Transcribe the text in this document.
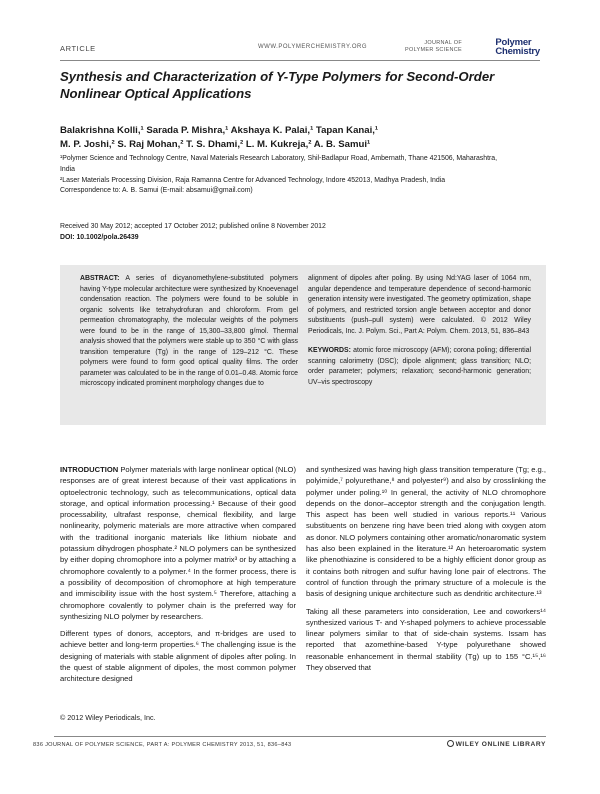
ARTICLE	WWW.POLYMERCHEMISTRY.ORG
JOURNAL OF
POLYMER SCIENCE
Polymer
Chemistry
Synthesis and Characterization of Y-Type Polymers for Second-Order Nonlinear Optical Applications
Balakrishna Kolli,¹ Sarada P. Mishra,¹ Akshaya K. Palai,¹ Tapan Kanai,¹
M. P. Joshi,² S. Raj Mohan,² T. S. Dhami,² L. M. Kukreja,² A. B. Samui¹

¹Polymer Science and Technology Centre, Naval Materials Research Laboratory, Shil-Badlapur Road, Ambernath, Thane 421506, Maharashtra, India

²Laser Materials Processing Division, Raja Ramanna Centre for Advanced Technology, Indore 452013, Madhya Pradesh, India

Correspondence to: A. B. Samui (E-mail: absamui@gmail.com)

Received 30 May 2012; accepted 17 October 2012; published online 8 November 2012
DOI: 10.1002/pola.26439
ABSTRACT: A series of dicyanomethylene-substituted polymers having Y-type molecular architecture were synthesized by Knoevenagel condensation reaction. The polymers were found to be soluble in organic solvents like tetrahydrofuran and chloroform. From gel permeation chromatography, the molecular weights of the polymers were found to be in the range of 15,300–33,800 g/mol. Thermal analysis showed that the polymers were stable up to 350 °C with glass transition temperature (Tg) in the range of 129–212 °C. These polymers were found to form good optical quality films. The order parameter was calculated to be in the range of 0.01–0.48. Atomic force microscopy indicated prominent morphology changes due to
alignment of dipoles after poling. By using Nd:YAG laser of 1064 nm, angular dependence and temperature dependence of second-harmonic generation intensity were investigated. The geometry optimization, shape of polymers, and restricted torsion angle between acceptor and donor substituents (push–pull system) were calculated. © 2012 Wiley Periodicals, Inc. J. Polym. Sci., Part A: Polym. Chem. 2013, 51, 836–843
KEYWORDS: atomic force microscopy (AFM); corona poling; differential scanning calorimetry (DSC); dipole alignment; glass transition; NLO; order parameter; polymers; relaxation; second-harmonic generation; UV–vis spectroscopy

INTRODUCTION Polymer materials with large nonlinear optical (NLO) responses are of great interest because of their vast applications in optoelectronic technology, such as telecommunications, optical data storage, and optical information processing.¹ Because of their good processability, ultrafast response, chemical flexibility, and large nonlinearity, polymeric materials are more attractive when compared with the traditional inorganic materials like lithium niobate and potassium dihydrogen phosphate.² NLO polymers can be synthesized by either doping chromophore into a polymer matrix³ or by attaching a chromophore covalently to a polymer.⁴ In the former process, there is a possibility of decomposition of chromophore at high temperature and immiscibility issue with the host system.⁵ Therefore, attaching a chromophore covalently to polymer chain is the preferred way for synthesizing NLO polymer by researchers.

Different types of donors, acceptors, and π-bridges are used to achieve better and long-term properties.⁶ The challenging issue is the designing of materials with stable alignment of dipoles after poling. In the quest of stable alignment of dipoles, the most common polymer architecture designed

and synthesized was having high glass transition temperature (Tg; e.g., polyimide,⁷ polyurethane,⁸ and polyester⁹) and also by crosslinking the polymer under poling.¹⁰ In general, the activity of NLO chromophore depends on the donor–acceptor strength and the conjugation length. This aspect has been well studied in various reports.¹¹ Various substituents on benzene ring have been tried along with oxygen atom as donor. NLO polymers containing other aromatic/nonaromatic system has also been explained in the literature.¹² An heteroaromatic system like phenothiazine is considered to be a highly efficient donor group as it contains both nitrogen and sulfur having lone pair of electrons. The control of function through the primary structure of a molecule is the basis of designing unique architecture such as dendritic architecture.¹³

Taking all these parameters into consideration, Lee and coworkers¹⁴ synthesized various T- and Y-shaped polymers to achieve processable linear polymers similar to that of side-chain systems. Issam has reported that azomethine-based Y-type polyurethane showed reasonable enhancement in thermal stability (Tg) up to 155 °C.¹⁵,¹⁶ They observed that

© 2012 Wiley Periodicals, Inc.
836 JOURNAL OF POLYMER SCIENCE, PART A: POLYMER CHEMISTRY 2013, 51, 836–843	WILEY ONLINE LIBRARY
